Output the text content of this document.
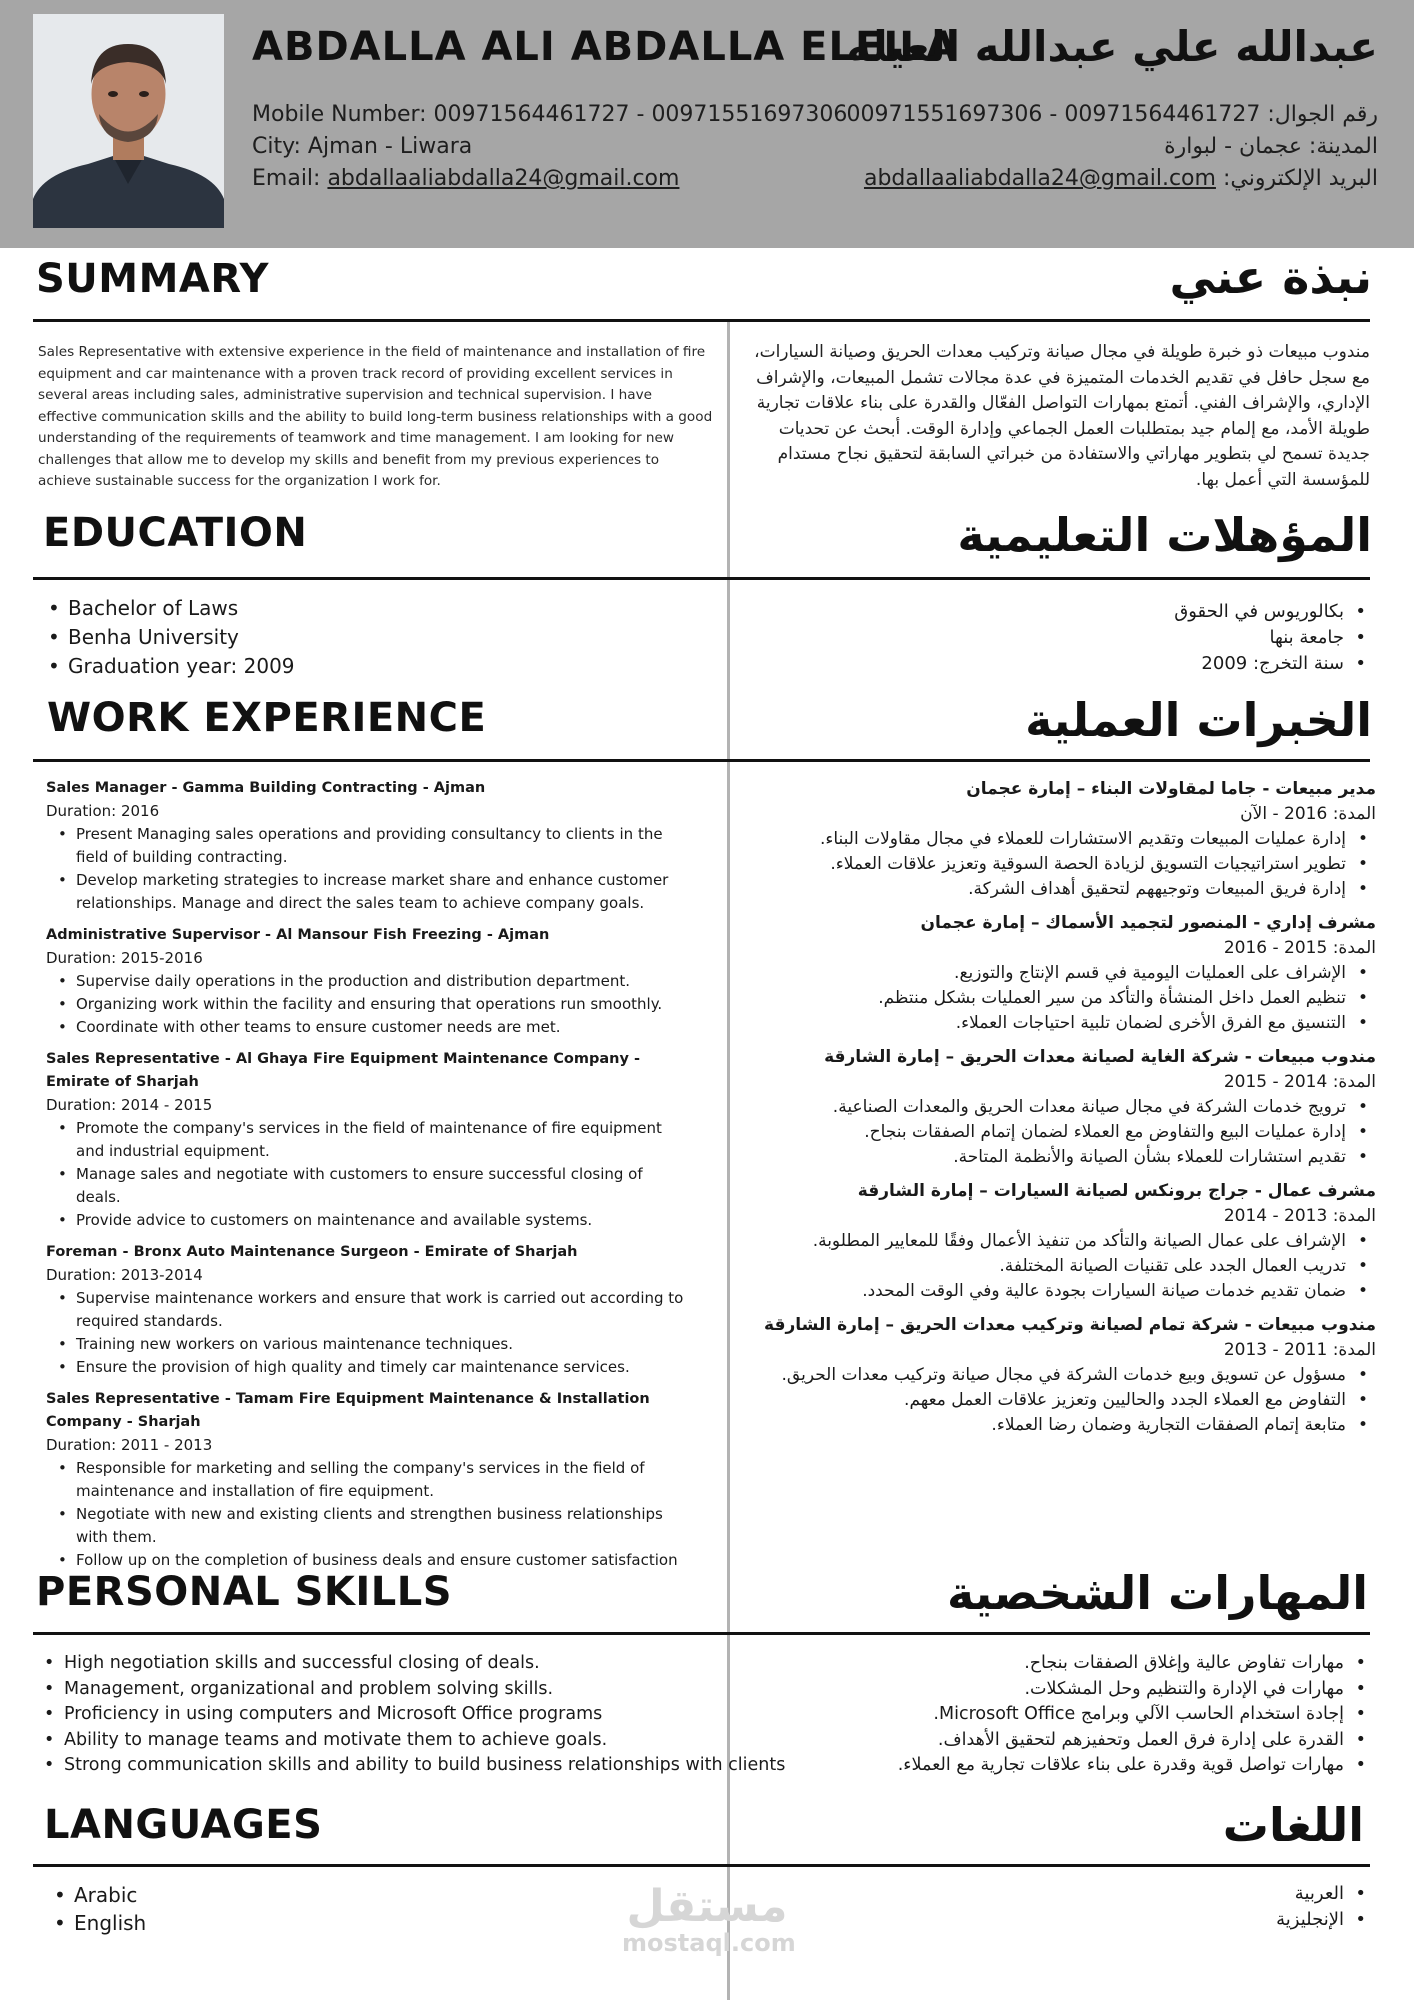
ABDALLA ALI ABDALLA ELEILA
عبدالله علي عبدالله العيله
Mobile Number: 00971564461727 - 00971551697306
City: Ajman - Liwara
Email: abdallaaliabdalla24@gmail.com
رقم الجوال: 00971564461727 - 00971551697306
المدينة: عجمان - لبوارة
البريد الإلكتروني: abdallaaliabdalla24@gmail.com
SUMMARY	نبذة عني
Sales Representative with extensive experience in the field of maintenance and installation of fire equipment and car maintenance with a proven track record of providing excellent services in several areas including sales, administrative supervision and technical supervision. I have effective communication skills and the ability to build long-term business relationships with a good understanding of the requirements of teamwork and time management. I am looking for new challenges that allow me to develop my skills and benefit from my previous experiences to achieve sustainable success for the organization I work for.
مندوب مبيعات ذو خبرة طويلة في مجال صيانة وتركيب معدات الحريق وصيانة السيارات، مع سجل حافل في تقديم الخدمات المتميزة في عدة مجالات تشمل المبيعات، والإشراف الإداري، والإشراف الفني. أتمتع بمهارات التواصل الفعّال والقدرة على بناء علاقات تجارية طويلة الأمد، مع إلمام جيد بمتطلبات العمل الجماعي وإدارة الوقت. أبحث عن تحديات جديدة تسمح لي بتطوير مهاراتي والاستفادة من خبراتي السابقة لتحقيق نجاح مستدام للمؤسسة التي أعمل بها.
EDUCATION	المؤهلات التعليمية
• Bachelor of Laws
• Benha University
• Graduation year: 2009
• بكالوريوس في الحقوق
• جامعة بنها
• سنة التخرج: 2009
WORK EXPERIENCE	الخبرات العملية
Sales Manager - Gamma Building Contracting - Ajman
Duration: 2016
• Present Managing sales operations and providing consultancy to clients in the field of building contracting.
• Develop marketing strategies to increase market share and enhance customer relationships. Manage and direct the sales team to achieve company goals.
Administrative Supervisor - Al Mansour Fish Freezing - Ajman
Duration: 2015-2016
• Supervise daily operations in the production and distribution department.
• Organizing work within the facility and ensuring that operations run smoothly.
• Coordinate with other teams to ensure customer needs are met.
Sales Representative - Al Ghaya Fire Equipment Maintenance Company - Emirate of Sharjah
Duration: 2014 - 2015
• Promote the company's services in the field of maintenance of fire equipment and industrial equipment.
• Manage sales and negotiate with customers to ensure successful closing of deals.
• Provide advice to customers on maintenance and available systems.
Foreman - Bronx Auto Maintenance Surgeon - Emirate of Sharjah
Duration: 2013-2014
• Supervise maintenance workers and ensure that work is carried out according to required standards.
• Training new workers on various maintenance techniques.
• Ensure the provision of high quality and timely car maintenance services.
Sales Representative - Tamam Fire Equipment Maintenance & Installation Company - Sharjah
Duration: 2011 - 2013
• Responsible for marketing and selling the company's services in the field of maintenance and installation of fire equipment.
• Negotiate with new and existing clients and strengthen business relationships with them.
• Follow up on the completion of business deals and ensure customer satisfaction
مدير مبيعات - جاما لمقاولات البناء – إمارة عجمان
المدة: 2016 - الآن
• إدارة عمليات المبيعات وتقديم الاستشارات للعملاء في مجال مقاولات البناء.
• تطوير استراتيجيات التسويق لزيادة الحصة السوقية وتعزيز علاقات العملاء.
• إدارة فريق المبيعات وتوجيههم لتحقيق أهداف الشركة.
مشرف إداري - المنصور لتجميد الأسماك – إمارة عجمان
المدة: 2015 - 2016
• الإشراف على العمليات اليومية في قسم الإنتاج والتوزيع.
• تنظيم العمل داخل المنشأة والتأكد من سير العمليات بشكل منتظم.
• التنسيق مع الفرق الأخرى لضمان تلبية احتياجات العملاء.
مندوب مبيعات - شركة الغاية لصيانة معدات الحريق – إمارة الشارقة
المدة: 2014 - 2015
• ترويج خدمات الشركة في مجال صيانة معدات الحريق والمعدات الصناعية.
• إدارة عمليات البيع والتفاوض مع العملاء لضمان إتمام الصفقات بنجاح.
• تقديم استشارات للعملاء بشأن الصيانة والأنظمة المتاحة.
مشرف عمال - جراج برونكس لصيانة السيارات – إمارة الشارقة
المدة: 2013 - 2014
• الإشراف على عمال الصيانة والتأكد من تنفيذ الأعمال وفقًا للمعايير المطلوبة.
• تدريب العمال الجدد على تقنيات الصيانة المختلفة.
• ضمان تقديم خدمات صيانة السيارات بجودة عالية وفي الوقت المحدد.
مندوب مبيعات - شركة تمام لصيانة وتركيب معدات الحريق – إمارة الشارقة
المدة: 2011 - 2013
• مسؤول عن تسويق وبيع خدمات الشركة في مجال صيانة وتركيب معدات الحريق.
• التفاوض مع العملاء الجدد والحاليين وتعزيز علاقات العمل معهم.
• متابعة إتمام الصفقات التجارية وضمان رضا العملاء.
PERSONAL SKILLS	المهارات الشخصية
• High negotiation skills and successful closing of deals.
• Management, organizational and problem solving skills.
• Proficiency in using computers and Microsoft Office programs
• Ability to manage teams and motivate them to achieve goals.
• Strong communication skills and ability to build business relationships with clients
• مهارات تفاوض عالية وإغلاق الصفقات بنجاح.
• مهارات في الإدارة والتنظيم وحل المشكلات.
• إجادة استخدام الحاسب الآلي وبرامج Microsoft Office.
• القدرة على إدارة فرق العمل وتحفيزهم لتحقيق الأهداف.
• مهارات تواصل قوية وقدرة على بناء علاقات تجارية مع العملاء.
LANGUAGES	اللغات
• Arabic
• English
• العربية
• الإنجليزية
مستقل
mostaql.com
